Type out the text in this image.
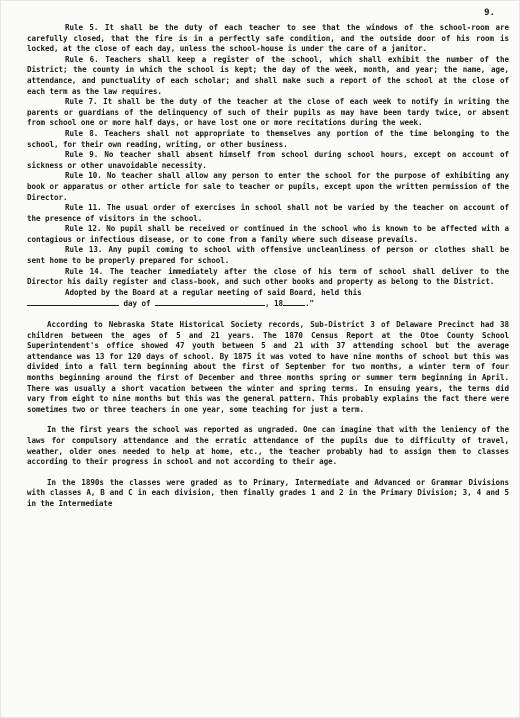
9.

Rule 5. It shall be the duty of each teacher to see that the windows of the school-room are carefully closed, that the fire is in a perfectly safe condition, and the outside door of his room is locked, at the close of each day, unless the school-house is under the care of a janitor.

Rule 6. Teachers shall keep a register of the school, which shall exhibit the number of the District; the county in which the school is kept; the day of the week, month, and year; the name, age, attendance, and punctuality of each scholar; and shall make such a report of the school at the close of each term as the law requires.

Rule 7. It shall be the duty of the teacher at the close of each week to notify in writing the parents or guardians of the delinquency of such of their pupils as may have been tardy twice, or absent from school one or more half days, or have lost one or more recitations during the week.

Rule 8. Teachers shall not appropriate to themselves any portion of the time belonging to the school, for their own reading, writing, or other business.

Rule 9. No teacher shall absent himself from school during school hours, except on account of sickness or other unavoidable necessity.

Rule 10. No teacher shall allow any person to enter the school for the purpose of exhibiting any book or apparatus or other article for sale to teacher or pupils, except upon the written permission of the Director.

Rule 11. The usual order of exercises in school shall not be varied by the teacher on account of the presence of visitors in the school.

Rule 12. No pupil shall be received or continued in the school who is known to be affected with a contagious or infectious disease, or to come from a family where such disease prevails.

Rule 13. Any pupil coming to school with offensive uncleanliness of person or clothes shall be sent home to be properly prepared for school.

Rule 14. The teacher immediately after the close of his term of school shall deliver to the Director his daily register and class-book, and such other books and property as belong to the District.

Adopted by the Board at a regular meeting of said Board, held this

day of	, 18	."

According to Nebraska State Historical Society records, Sub-District 3 of Delaware Precinct had 38 children between the ages of 5 and 21 years. The 1870 Census Report at the Otoe County School Superintendent's office showed 47 youth between 5 and 21 with 37 attending school but the average attendance was 13 for 120 days of school. By 1875 it was voted to have nine months of school but this was divided into a fall term beginning about the first of September for two months, a winter term of four months beginning around the first of December and three months spring or summer term beginning in April. There was usually a short vacation between the winter and spring terms. In ensuing years, the terms did vary from eight to nine months but this was the general pattern. This probably explains the fact there were sometimes two or three teachers in one year, some teaching for just a term.

In the first years the school was reported as ungraded. One can imagine that with the leniency of the laws for compulsory attendance and the erratic attendance of the pupils due to difficulty of travel, weather, older ones needed to help at home, etc., the teacher probably had to assign them to classes according to their progress in school and not according to their age.

In the 1890s the classes were graded as to Primary, Intermediate and Advanced or Grammar Divisions with classes A, B and C in each division, then finally grades 1 and 2 in the Primary Division; 3, 4 and 5 in the Intermediate
